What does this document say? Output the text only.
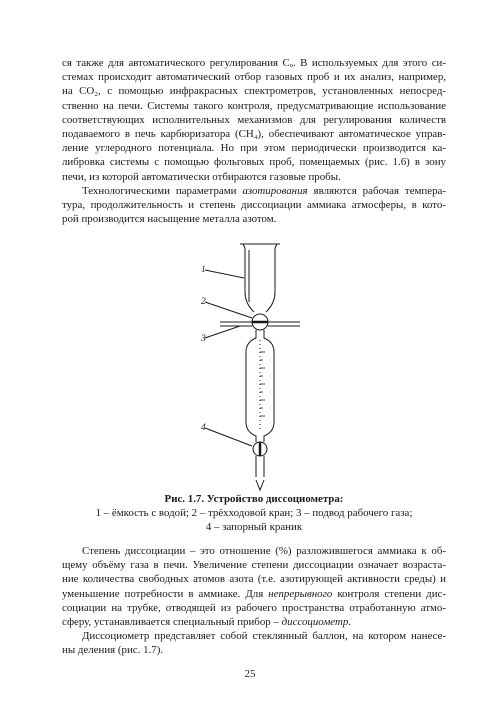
ся также для автоматического регулирования Сₒ. В используемых для этого си-
стемах происходит автоматический отбор газовых проб и их анализ, например,
на CO₂, с помощью инфракрасных спектрометров, установленных непосред-
ственно на печи. Системы такого контроля, предусматривающие использование
соответствующих исполнительных механизмов для регулирования количеств
подаваемого в печь карбюризатора (CH₄), обеспечивают автоматическое управ-
ление углеродного потенциала. Но при этом периодически производится ка-
либровка системы с помощью фольговых проб, помещаемых (рис. 1.6) в зону
печи, из которой автоматически отбираются газовые пробы.

Технологическими параметрами азотирования являются рабочая темпера-
тура, продолжительность и степень диссоциации аммиака атмосферы, в кото-
рой производится насыщение металла азотом.

1
2
3
4
Рис. 1.7. Устройство диссоциометра:
1 – ёмкость с водой; 2 – трёхходовой кран; 3 – подвод рабочего газа;
4 – запорный краник

Степень диссоциации – это отношение (%) разложившегося аммиака к об-
щему объёму газа в печи. Увеличение степени диссоциации означает возраста-
ние количества свободных атомов азота (т.е. азотирующей активности среды) и
уменьшение потребности в аммиаке. Для непрерывного контроля степени дис-
социации на трубке, отводящей из рабочего пространства отработанную атмо-
сферу, устанавливается специальный прибор – диссоциометр.

Диссоциометр представляет собой стеклянный баллон, на котором нанесе-
ны деления (рис. 1.7).

25
